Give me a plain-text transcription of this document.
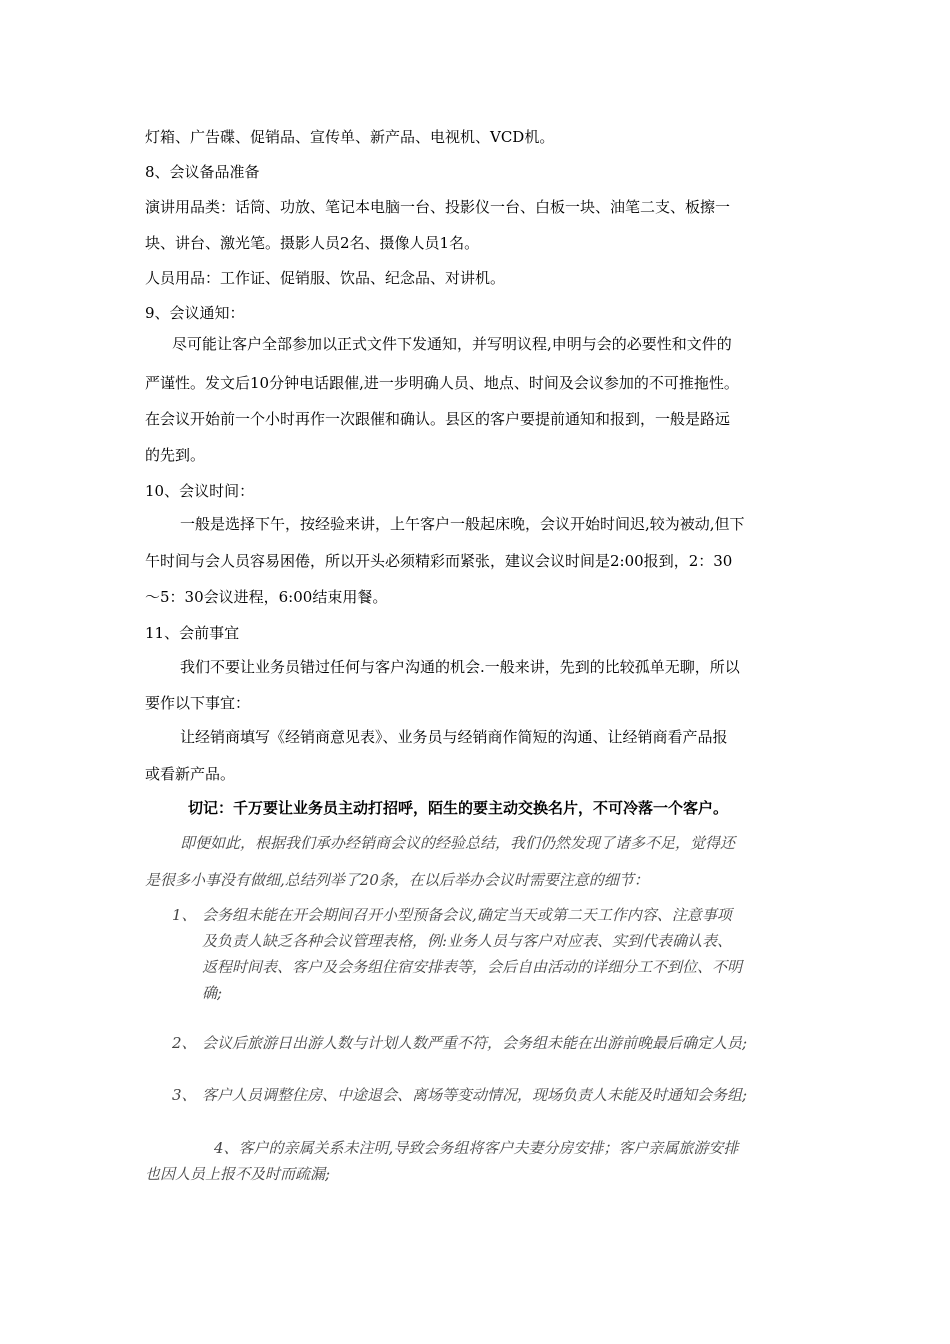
灯箱、广告碟、促销品、宣传单、新产品、电视机、VCD机。

8、会议备品准备

演讲用品类：话筒、功放、笔记本电脑一台、投影仪一台、白板一块、油笔二支、板擦一

块、讲台、激光笔。摄影人员2名、摄像人员1名。

人员用品：工作证、促销服、饮品、纪念品、对讲机。

9、会议通知：

尽可能让客户全部参加以正式文件下发通知，并写明议程,申明与会的必要性和文件的

严谨性。发文后10分钟电话跟催,进一步明确人员、地点、时间及会议参加的不可推拖性。

在会议开始前一个小时再作一次跟催和确认。县区的客户要提前通知和报到，一般是路远

的先到。

10、会议时间：

一般是选择下午，按经验来讲，上午客户一般起床晚，会议开始时间迟,较为被动,但下

午时间与会人员容易困倦，所以开头必须精彩而紧张，建议会议时间是2:00报到，2：30

～5：30会议进程，6:00结束用餐。

11、会前事宜

我们不要让业务员错过任何与客户沟通的机会.一般来讲，先到的比较孤单无聊，所以

要作以下事宜：

让经销商填写《经销商意见表》、业务员与经销商作简短的沟通、让经销商看产品报

或看新产品。

切记：千万要让业务员主动打招呼，陌生的要主动交换名片，不可冷落一个客户。

即便如此，根据我们承办经销商会议的经验总结，我们仍然发现了诸多不足，觉得还

是很多小事没有做细,总结列举了20条，在以后举办会议时需要注意的细节：

1、 会务组未能在开会期间召开小型预备会议,确定当天或第二天工作内容、注意事项

及负责人缺乏各种会议管理表格，例:业务人员与客户对应表、实到代表确认表、

返程时间表、客户及会务组住宿安排表等，会后自由活动的详细分工不到位、不明

确;

2、 会议后旅游日出游人数与计划人数严重不符，会务组未能在出游前晚最后确定人员;

3、 客户人员调整住房、中途退会、离场等变动情况，现场负责人未能及时通知会务组;

4、客户的亲属关系未注明,导致会务组将客户夫妻分房安排；客户亲属旅游安排

也因人员上报不及时而疏漏;
